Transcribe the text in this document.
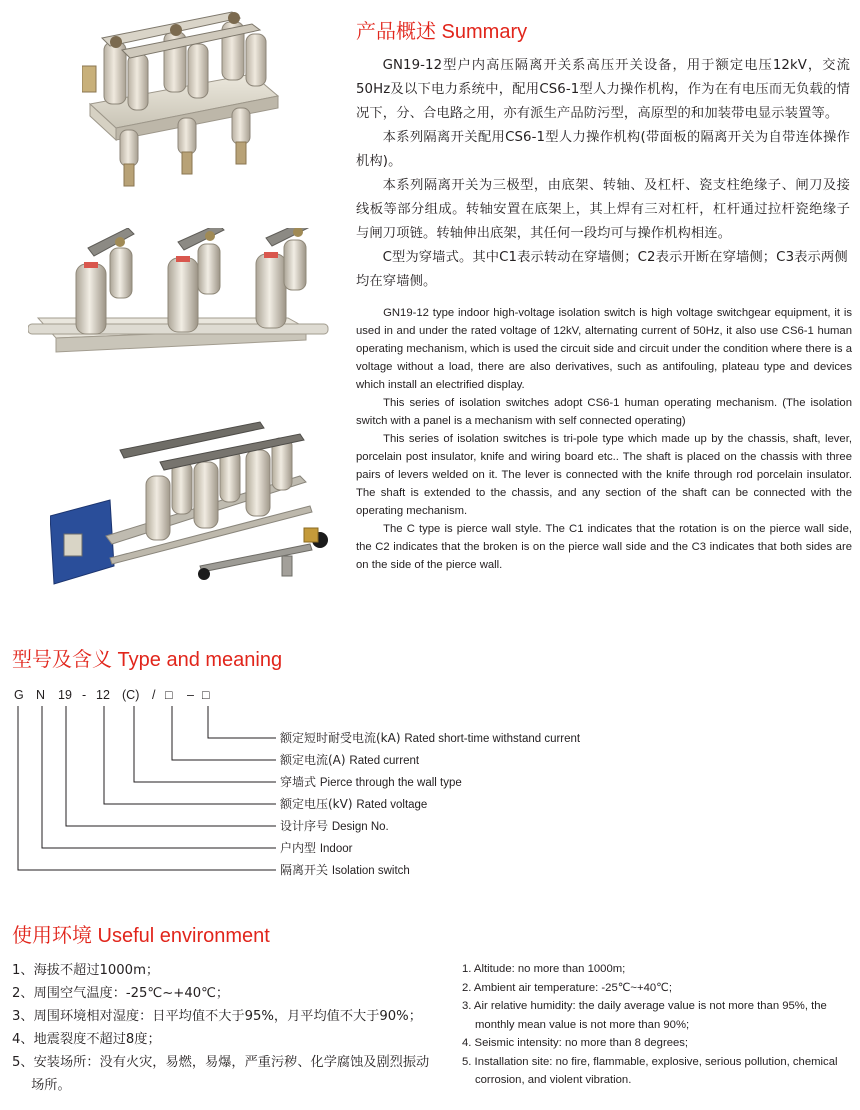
产品概述 Summary

GN19-12型户内高压隔离开关系高压开关设备，用于额定电压12kV，交流50Hz及以下电力系统中，配用CS6-1型人力操作机构，作为在有电压而无负载的情况下，分、合电路之用，亦有派生产品防污型，高原型的和加装带电显示装置等。

本系列隔离开关配用CS6-1型人力操作机构(带面板的隔离开关为自带连体操作机构)。

本系列隔离开关为三极型，由底架、转轴、及杠杆、瓷支柱绝缘子、闸刀及接线板等部分组成。转轴安置在底架上，其上焊有三对杠杆，杠杆通过拉杆瓷绝缘子与闸刀项链。转轴伸出底架，其任何一段均可与操作机构相连。

C型为穿墙式。其中C1表示转动在穿墙侧；C2表示开断在穿墙侧；C3表示两侧均在穿墙侧。

GN19-12 type indoor high-voltage isolation switch is high voltage switchgear equipment, it is used in and under the rated voltage of 12kV, alternating current of 50Hz, it also use CS6-1 human operating mechanism, which is used the circuit side and circuit under the condition where there is a voltage without a load, there are also derivatives, such as antifouling, plateau type and devices which install an electrified display.

This series of isolation switches adopt CS6-1 human operating mechanism. (The isolation switch with a panel is a mechanism with self connected operating)

This series of isolation switches is tri-pole type which made up by the chassis, shaft, lever, porcelain post insulator, knife and wiring board etc.. The shaft is placed on the chassis with three pairs of levers welded on it. The lever is connected with the knife through rod porcelain insulator. The shaft is extended to the chassis, and any section of the shaft can be connected with the operating mechanism.

The C type is pierce wall style. The C1 indicates that the rotation is on the pierce wall side, the C2 indicates that the broken is on the pierce wall side and the C3 indicates that both sides are on the side of the pierce wall.

型号及含义 Type and meaning
G N 19 - 12 (C) / □ – □
额定短时耐受电流(kA) Rated short-time withstand current
额定电流(A) Rated current
穿墙式 Pierce through the wall type
额定电压(kV) Rated voltage
设计序号 Design No.
户内型 Indoor
隔离开关 Isolation switch
使用环境 Useful environment
1、海拔不超过1000m；
2、周围空气温度：-25℃~+40℃；
3、周围环境相对湿度：日平均值不大于95%，月平均值不大于90%；
4、地震裂度不超过8度；
5、安装场所：没有火灾，易燃，易爆，严重污秽、化学腐蚀及剧烈振动场所。
1. Altitude: no more than 1000m;
2. Ambient air temperature: -25℃~+40℃;
3. Air relative humidity: the daily average value is not more than 95%, the monthly mean value is not more than 90%;
4. Seismic intensity: no more than 8 degrees;
5. Installation site: no fire, flammable, explosive, serious pollution, chemical corrosion, and violent vibration.
